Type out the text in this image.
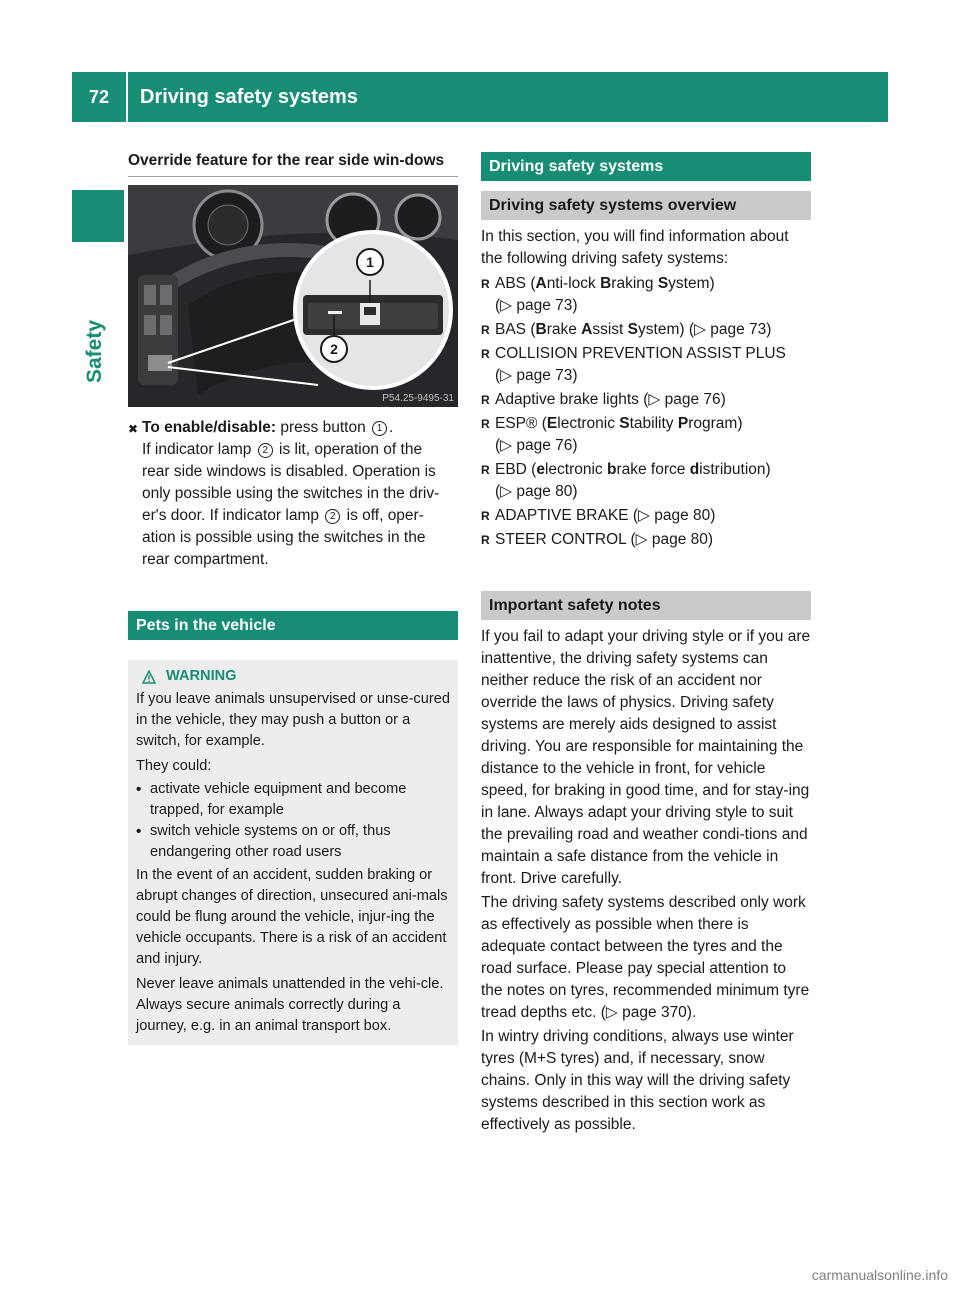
72	Driving safety systems
Safety
Override feature for the rear side win-dows
1
2
P54.25-9495-31
✖ To enable/disable: press button 1 .

If indicator lamp 2 is lit, operation of the

rear side windows is disabled. Operation is

only possible using the switches in the driv-

er's door. If indicator lamp 2 is off, oper-

ation is possible using the switches in the

rear compartment.

Pets in the vehicle
WARNING

If you leave animals unsupervised or unse-cured in the vehicle, they may push a button or a switch, for example.

They could:

• activate vehicle equipment and become trapped, for example
• switch vehicle systems on or off, thus endangering other road users

In the event of an accident, sudden braking or abrupt changes of direction, unsecured ani-mals could be flung around the vehicle, injur-ing the vehicle occupants. There is a risk of an accident and injury.

Never leave animals unattended in the vehi-cle. Always secure animals correctly during a journey, e.g. in an animal transport box.

Driving safety systems
Driving safety systems overview

In this section, you will find information about the following driving safety systems:

R ABS (Anti-lock Braking System)
(▷ page 73)
R BAS (Brake Assist System) (▷ page 73)
R COLLISION PREVENTION ASSIST PLUS
(▷ page 73)
R Adaptive brake lights (▷ page 76)
R ESP® (Electronic Stability Program)
(▷ page 76)
R EBD (electronic brake force distribution)
(▷ page 80)
R ADAPTIVE BRAKE (▷ page 80)
R STEER CONTROL (▷ page 80)
Important safety notes

If you fail to adapt your driving style or if you are inattentive, the driving safety systems can neither reduce the risk of an accident nor override the laws of physics. Driving safety systems are merely aids designed to assist driving. You are responsible for maintaining the distance to the vehicle in front, for vehicle speed, for braking in good time, and for stay-ing in lane. Always adapt your driving style to suit the prevailing road and weather condi-tions and maintain a safe distance from the vehicle in front. Drive carefully.

The driving safety systems described only work as effectively as possible when there is adequate contact between the tyres and the road surface. Please pay special attention to the notes on tyres, recommended minimum tyre tread depths etc. (▷ page 370).

In wintry driving conditions, always use winter tyres (M+S tyres) and, if necessary, snow chains. Only in this way will the driving safety systems described in this section work as effectively as possible.

carmanualsonline.info
